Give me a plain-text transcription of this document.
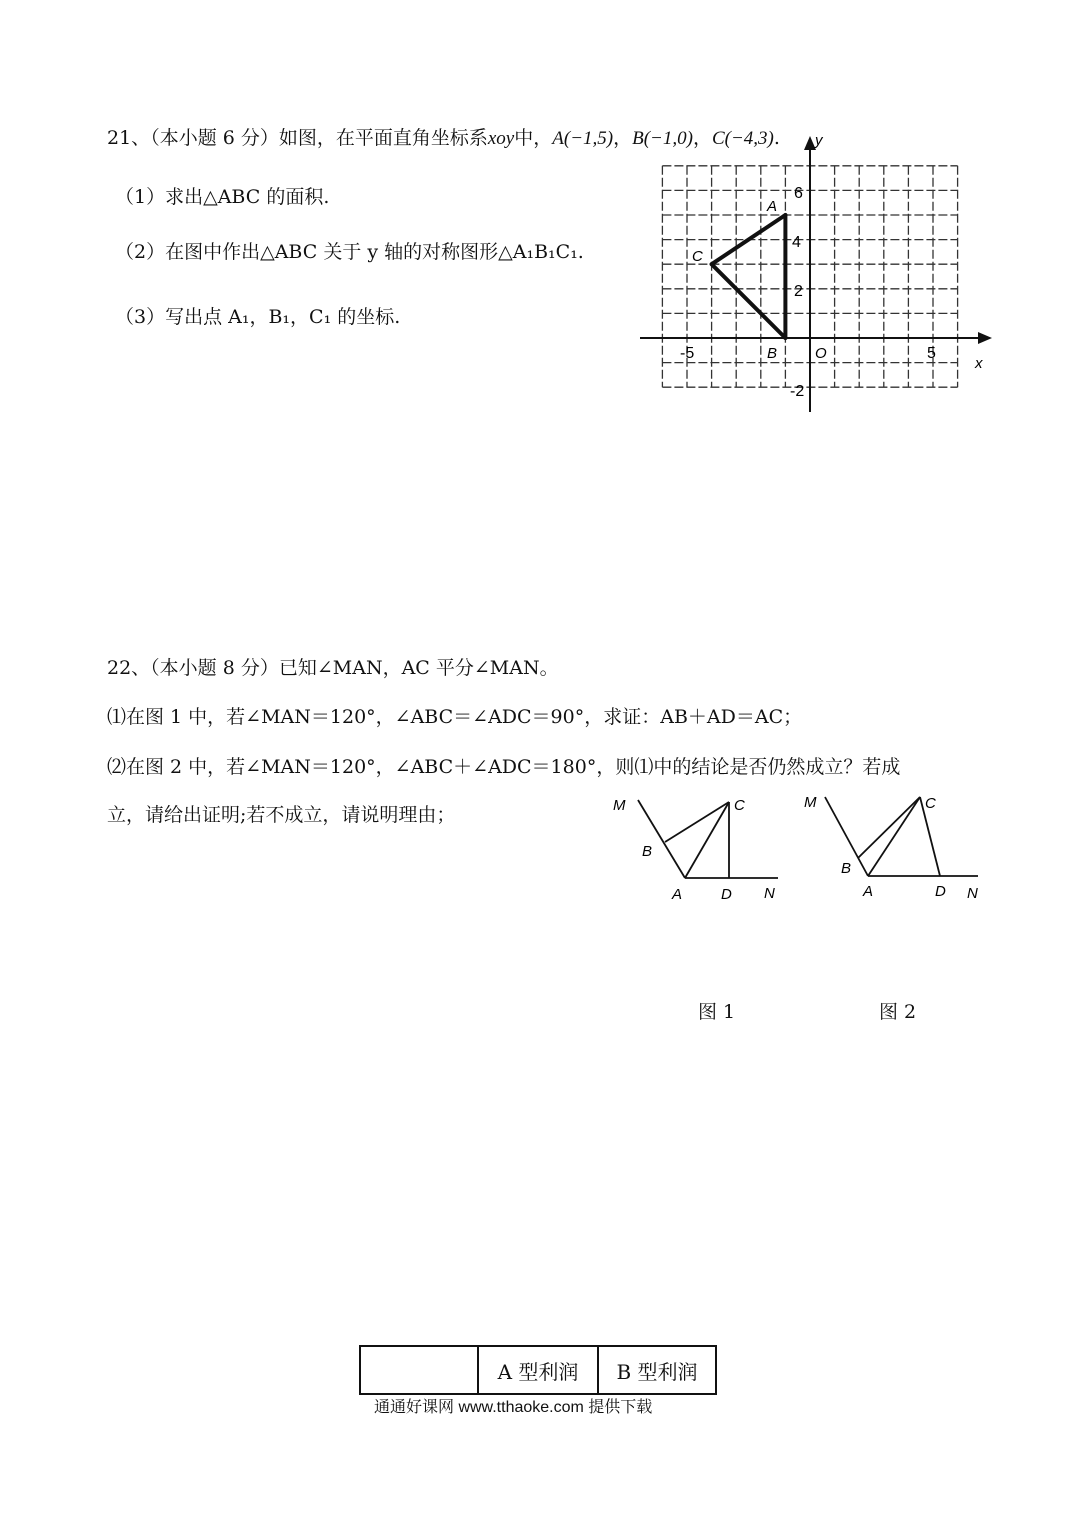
21、（本小题 6 分）如图，在平面直角坐标系xoy中，A(−1,5)，B(−1,0)，C(−4,3).
（1）求出△ABC 的面积.
（2）在图中作出△ABC 关于 y 轴的对称图形△A₁B₁C₁.
（3）写出点 A₁，B₁，C₁ 的坐标.
x
y
O
-5	5
6
4
2
-2
A
B
C
M
B
A
C
D N
M
B
A
C
D N
22、（本小题 8 分）已知∠MAN，AC 平分∠MAN。
⑴在图 1 中，若∠MAN＝120°，∠ABC＝∠ADC＝90°，求证：AB＋AD＝AC；
⑵在图 2 中，若∠MAN＝120°，∠ABC＋∠ADC＝180°，则⑴中的结论是否仍然成立？若成
立，请给出证明;若不成立，请说明理由；
图 1	图 2
	A 型利润	B 型利润
通通好课网 www.tthaoke.com 提供下载
